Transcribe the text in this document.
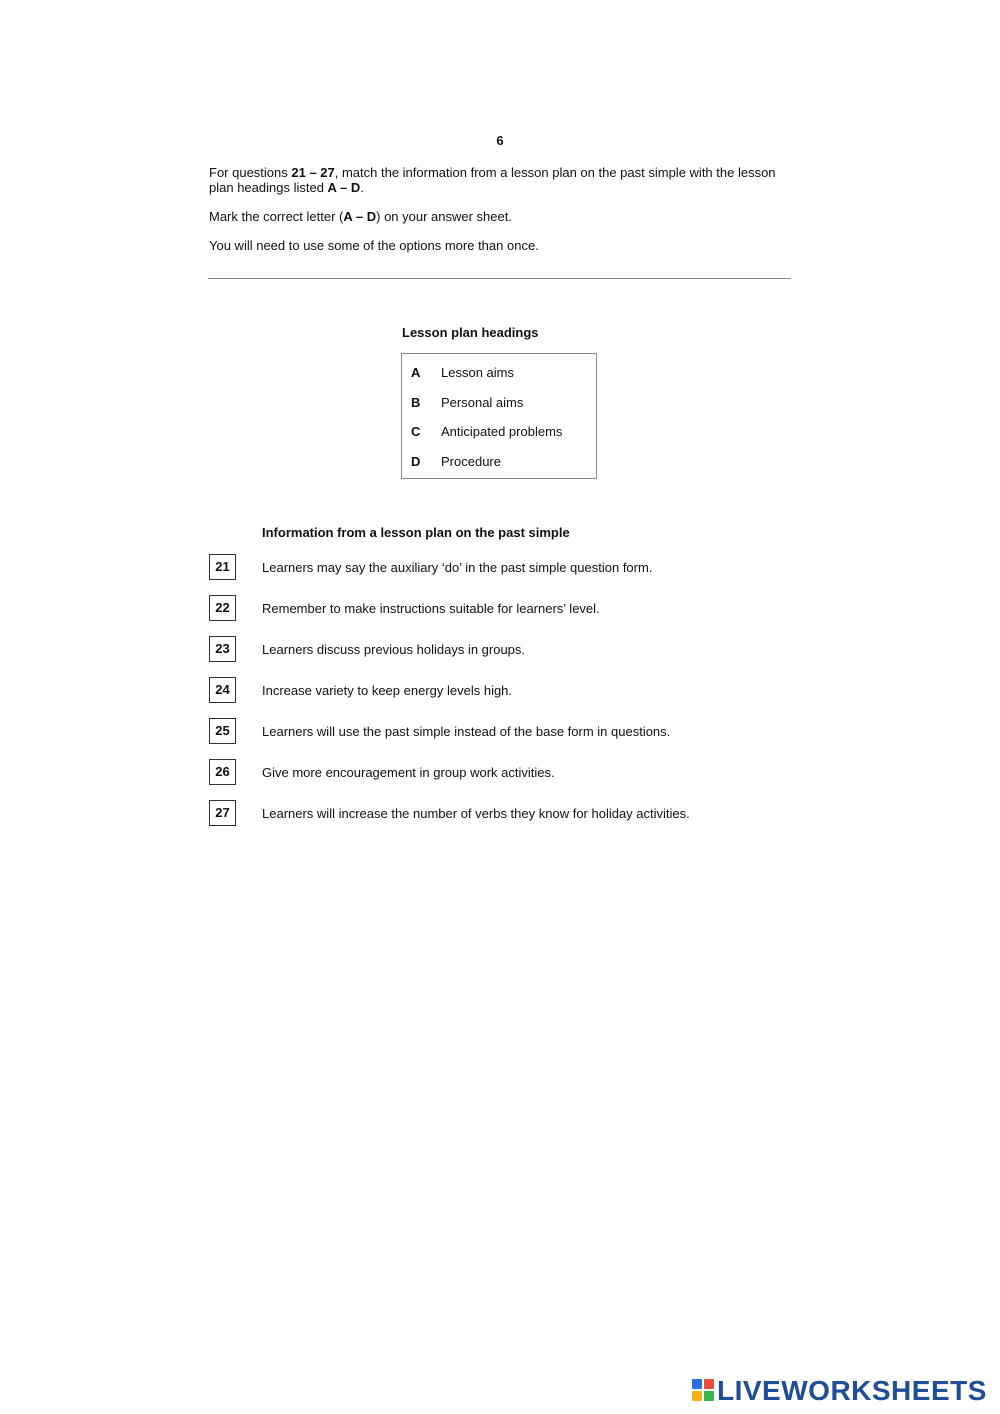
6

For questions 21 – 27, match the information from a lesson plan on the past simple with the lesson plan headings listed A – D.

Mark the correct letter (A – D) on your answer sheet.

You will need to use some of the options more than once.

Lesson plan headings
A Lesson aims
B Personal aims
C Anticipated problems
D Procedure
Information from a lesson plan on the past simple
21	Learners may say the auxiliary ‘do’ in the past simple question form.
22	Remember to make instructions suitable for learners’ level.
23	Learners discuss previous holidays in groups.
24	Increase variety to keep energy levels high.
25	Learners will use the past simple instead of the base form in questions.
26	Give more encouragement in group work activities.
27	Learners will increase the number of verbs they know for holiday activities.
LIVEWORKSHEETS
